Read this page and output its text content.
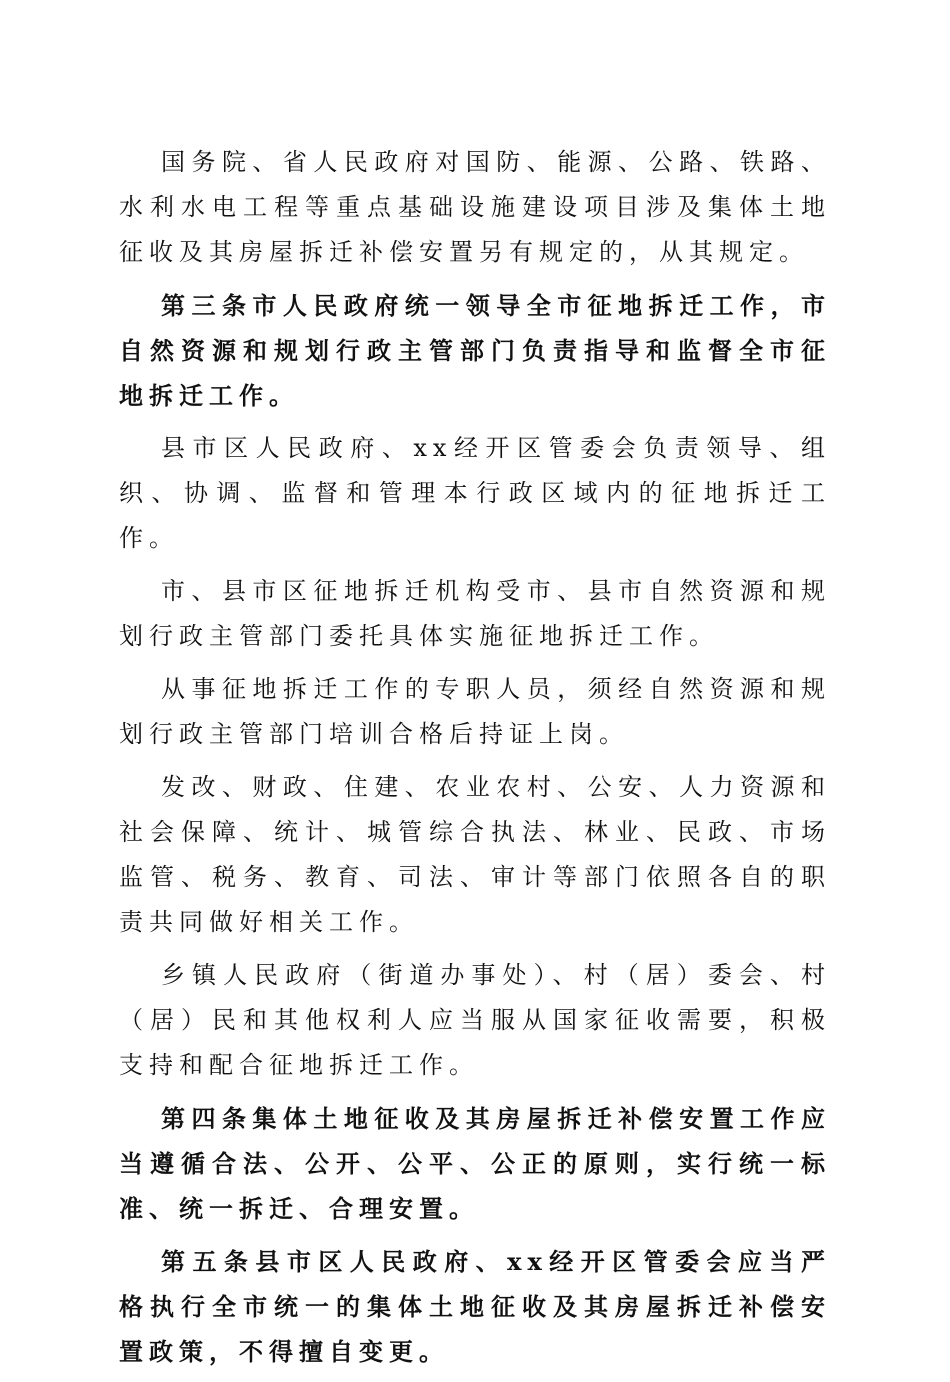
国务院、省人民政府对国防、能源、公路、铁路、水利水电工程等重点基础设施建设项目涉及集体土地征收及其房屋拆迁补偿安置另有规定的，从其规定。

第三条市人民政府统一领导全市征地拆迁工作，市自然资源和规划行政主管部门负责指导和监督全市征地拆迁工作。

县市区人民政府、xx经开区管委会负责领导、组织、协调、监督和管理本行政区域内的征地拆迁工作。

市、县市区征地拆迁机构受市、县市自然资源和规划行政主管部门委托具体实施征地拆迁工作。

从事征地拆迁工作的专职人员，须经自然资源和规划行政主管部门培训合格后持证上岗。

发改、财政、住建、农业农村、公安、人力资源和社会保障、统计、城管综合执法、林业、民政、市场监管、税务、教育、司法、审计等部门依照各自的职责共同做好相关工作。

乡镇人民政府（街道办事处）、村（居）委会、村（居）民和其他权利人应当服从国家征收需要，积极支持和配合征地拆迁工作。

第四条集体土地征收及其房屋拆迁补偿安置工作应当遵循合法、公开、公平、公正的原则，实行统一标准、统一拆迁、合理安置。

第五条县市区人民政府、xx经开区管委会应当严格执行全市统一的集体土地征收及其房屋拆迁补偿安置政策，不得擅自变更。
